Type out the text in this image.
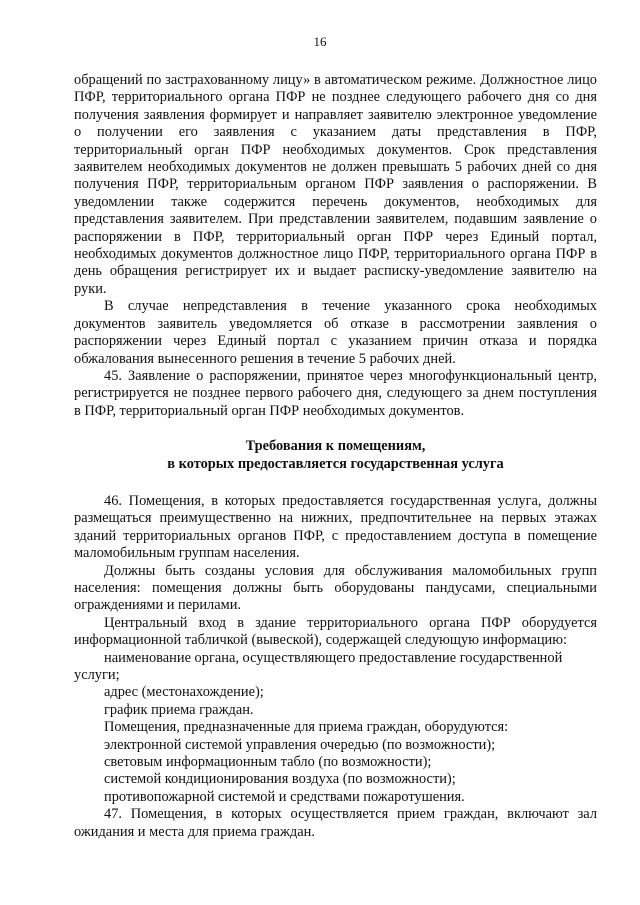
16

обращений по застрахованному лицу» в автоматическом режиме. Должностное лицо ПФР, территориального органа ПФР не позднее следующего рабочего дня со дня получения заявления формирует и направляет заявителю электронное уведомление о получении его заявления с указанием даты представления в ПФР, территориальный орган ПФР необходимых документов. Срок представления заявителем необходимых документов не должен превышать 5 рабочих дней со дня получения ПФР, территориальным органом ПФР заявления о распоряжении. В уведомлении также содержится перечень документов, необходимых для представления заявителем. При представлении заявителем, подавшим заявление о распоряжении в ПФР, территориальный орган ПФР через Единый портал, необходимых документов должностное лицо ПФР, территориального органа ПФР в день обращения регистрирует их и выдает расписку-уведомление заявителю на руки.

В случае непредставления в течение указанного срока необходимых документов заявитель уведомляется об отказе в рассмотрении заявления о распоряжении через Единый портал с указанием причин отказа и порядка обжалования вынесенного решения в течение 5 рабочих дней.

45. Заявление о распоряжении, принятое через многофункциональный центр, регистрируется не позднее первого рабочего дня, следующего за днем поступления в ПФР, территориальный орган ПФР необходимых документов.

Требования к помещениям,
в которых предоставляется государственная услуга

46. Помещения, в которых предоставляется государственная услуга, должны размещаться преимущественно на нижних, предпочтительнее на первых этажах зданий территориальных органов ПФР, с предоставлением доступа в помещение маломобильным группам населения.

Должны быть созданы условия для обслуживания маломобильных групп населения: помещения должны быть оборудованы пандусами, специальными ограждениями и перилами.

Центральный вход в здание территориального органа ПФР оборудуется информационной табличкой (вывеской), содержащей следующую информацию:

наименование органа, осуществляющего предоставление государственной услуги;

адрес (местонахождение);

график приема граждан.

Помещения, предназначенные для приема граждан, оборудуются:

электронной системой управления очередью (по возможности);

световым информационным табло (по возможности);

системой кондиционирования воздуха (по возможности);

противопожарной системой и средствами пожаротушения.

47. Помещения, в которых осуществляется прием граждан, включают зал ожидания и места для приема граждан.
